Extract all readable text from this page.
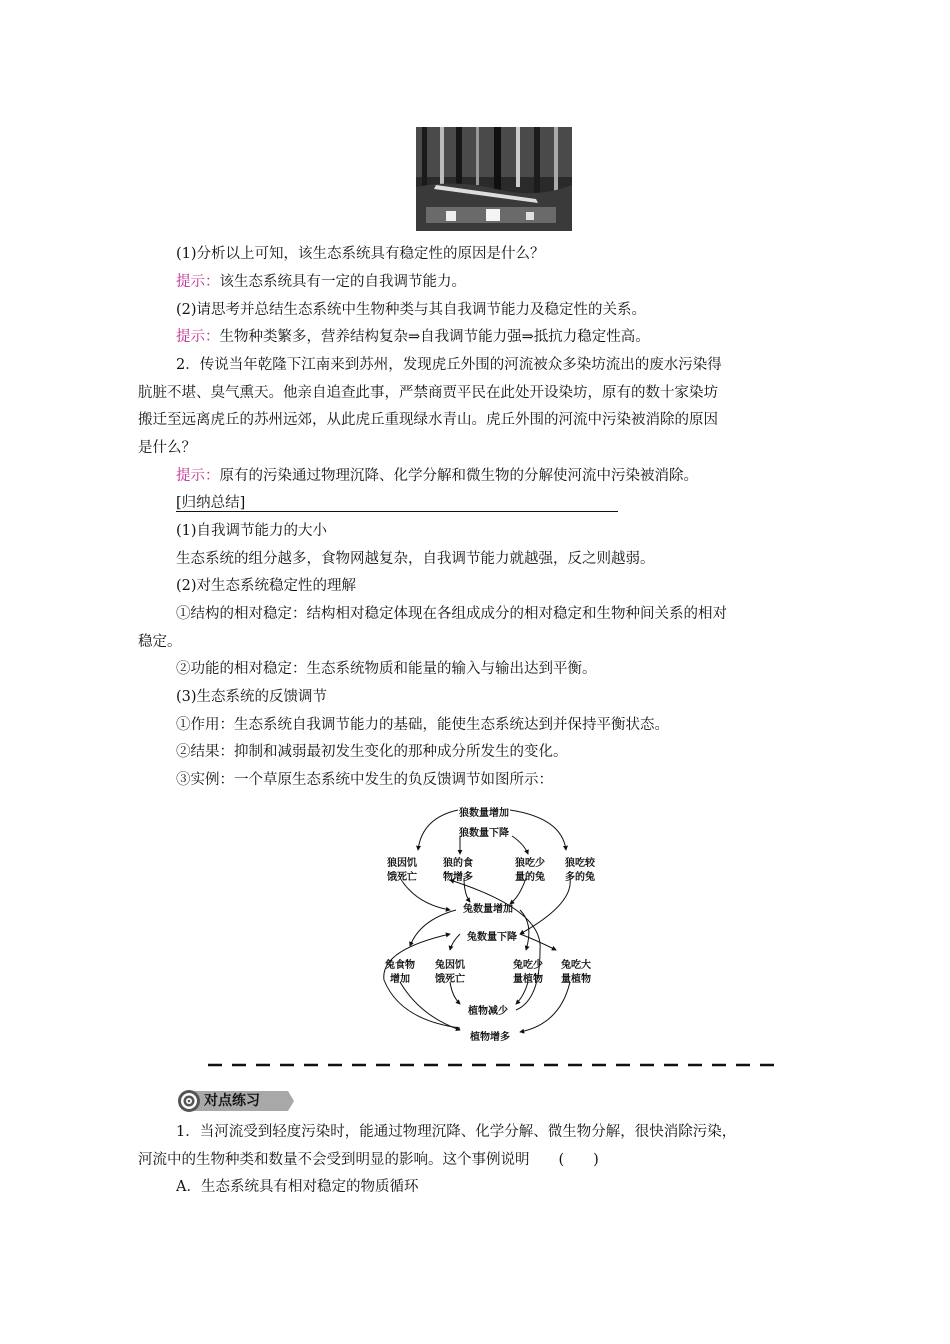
(1)分析以上可知，该生态系统具有稳定性的原因是什么？
提示：该生态系统具有一定的自我调节能力。
(2)请思考并总结生态系统中生物种类与其自我调节能力及稳定性的关系。
提示：生物种类繁多，营养结构复杂⇒自我调节能力强⇒抵抗力稳定性高。
2．传说当年乾隆下江南来到苏州，发现虎丘外围的河流被众多染坊流出的废水污染得
肮脏不堪、臭气熏天。他亲自追查此事，严禁商贾平民在此处开设染坊，原有的数十家染坊
搬迁至远离虎丘的苏州远郊，从此虎丘重现绿水青山。虎丘外围的河流中污染被消除的原因
是什么？
提示：原有的污染通过物理沉降、化学分解和微生物的分解使河流中污染被消除。
[归纳总结]
(1)自我调节能力的大小
生态系统的组分越多，食物网越复杂，自我调节能力就越强，反之则越弱。
(2)对生态系统稳定性的理解
①结构的相对稳定：结构相对稳定体现在各组成成分的相对稳定和生物种间关系的相对
稳定。
②功能的相对稳定：生态系统物质和能量的输入与输出达到平衡。
(3)生态系统的反馈调节
①作用：生态系统自我调节能力的基础，能使生态系统达到并保持平衡状态。
②结果：抑制和减弱最初发生变化的那种成分所发生的变化。
③实例：一个草原生态系统中发生的负反馈调节如图所示：
狼数量增加
狼数量下降
狼因饥
饿死亡
狼的食
物增多
狼吃少
量的兔
狼吃较
多的兔
兔数量增加
兔数量下降
兔食物
增加
兔因饥
饿死亡
兔吃少
量植物
兔吃大
量植物
植物减少
植物增多
对点练习
1．当河流受到轻度污染时，能通过物理沉降、化学分解、微生物分解，很快消除污染，
河流中的生物种类和数量不会受到明显的影响。这个事例说明　　(　　)
A．生态系统具有相对稳定的物质循环
